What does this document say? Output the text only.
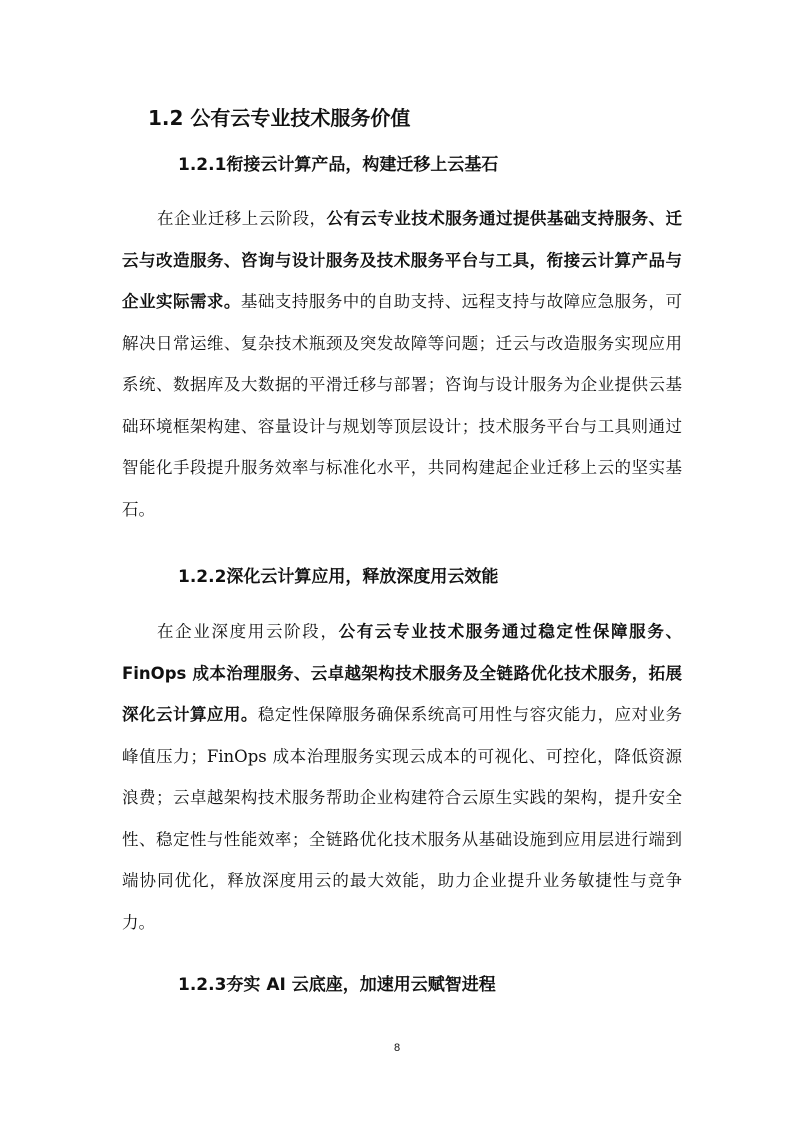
1.2 公有云专业技术服务价值
1.2.1衔接云计算产品，构建迁移上云基石

在企业迁移上云阶段，公有云专业技术服务通过提供基础支持服务、迁云与改造服务、咨询与设计服务及技术服务平台与工具，衔接云计算产品与企业实际需求。基础支持服务中的自助支持、远程支持与故障应急服务，可解决日常运维、复杂技术瓶颈及突发故障等问题；迁云与改造服务实现应用系统、数据库及大数据的平滑迁移与部署；咨询与设计服务为企业提供云基础环境框架构建、容量设计与规划等顶层设计；技术服务平台与工具则通过智能化手段提升服务效率与标准化水平，共同构建起企业迁移上云的坚实基石。

1.2.2深化云计算应用，释放深度用云效能

在企业深度用云阶段，公有云专业技术服务通过稳定性保障服务、FinOps 成本治理服务、云卓越架构技术服务及全链路优化技术服务，拓展深化云计算应用。稳定性保障服务确保系统高可用性与容灾能力，应对业务峰值压力；FinOps 成本治理服务实现云成本的可视化、可控化，降低资源浪费；云卓越架构技术服务帮助企业构建符合云原生实践的架构，提升安全性、稳定性与性能效率；全链路优化技术服务从基础设施到应用层进行端到端协同优化，释放深度用云的最大效能，助力企业提升业务敏捷性与竞争力。

1.2.3夯实 AI 云底座，加速用云赋智进程
8
